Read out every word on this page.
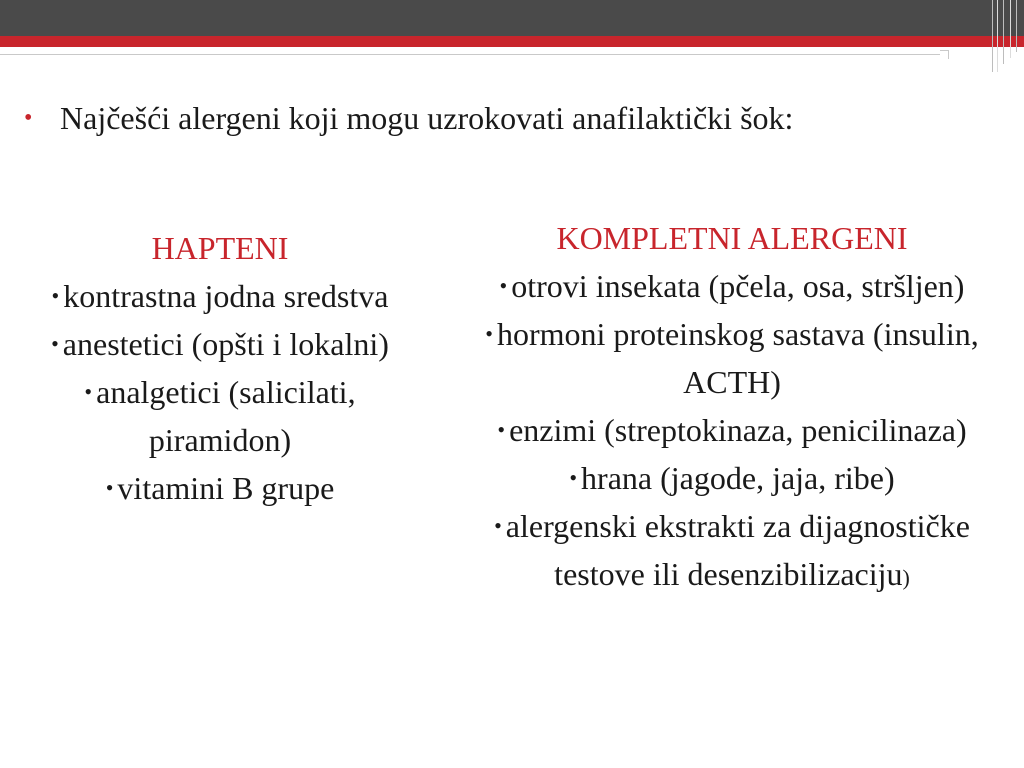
• Najčešći alergeni koji mogu uzrokovati anafilaktički šok:
HAPTENI
• kontrastna jodna sredstva
• anestetici (opšti i lokalni)
• analgetici (salicilati, piramidon)
• vitamini B grupe
KOMPLETNI ALERGENI
• otrovi insekata (pčela, osa, stršljen)
• hormoni proteinskog sastava (insulin, ACTH)
• enzimi (streptokinaza, penicilinaza)
• hrana (jagode, jaja, ribe)
• alergenski ekstrakti za dijagnostičke testove ili desenzibilizaciju)
